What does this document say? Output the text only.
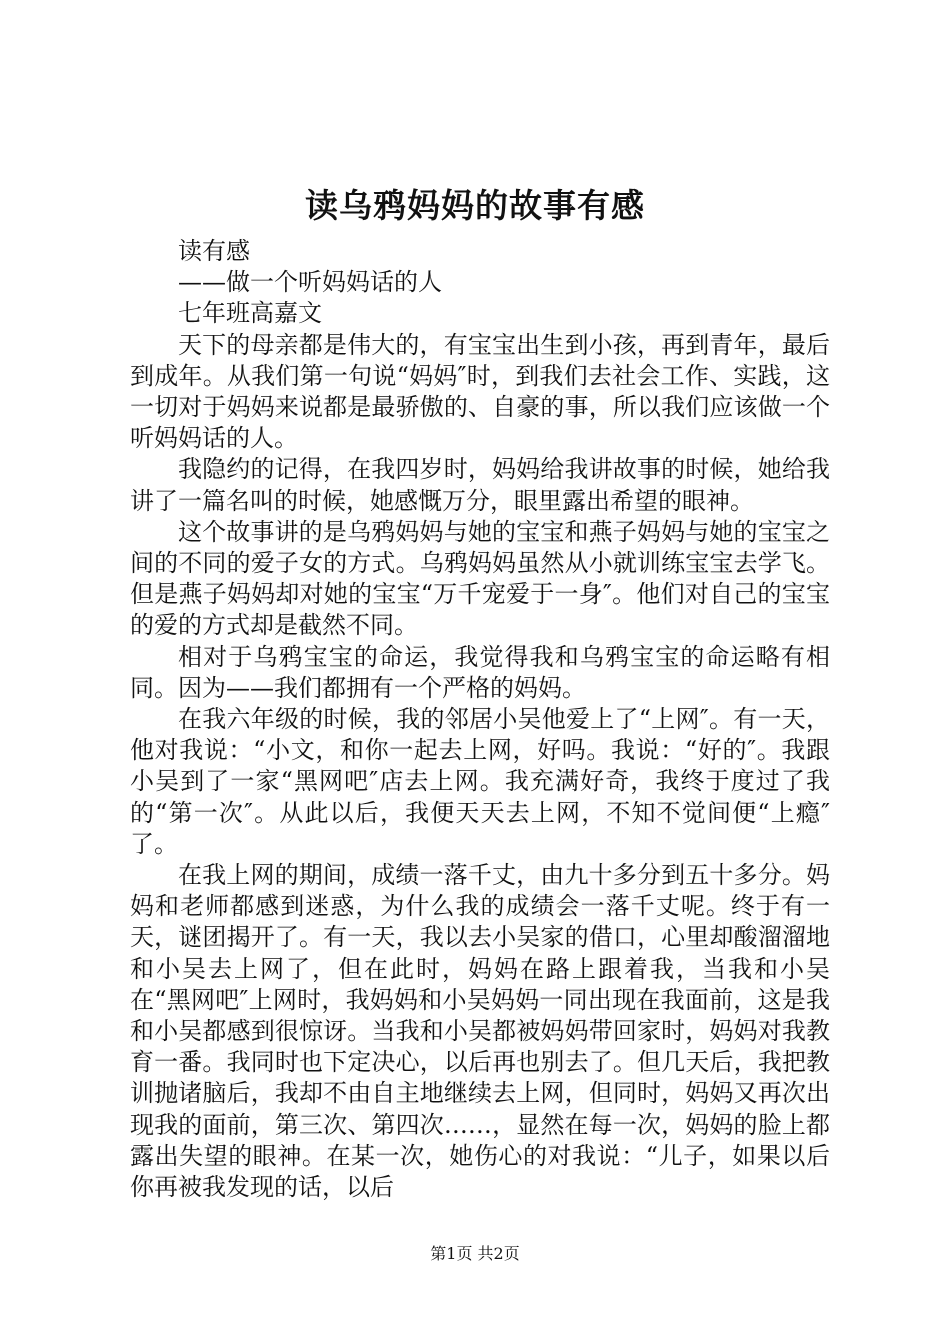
读乌鸦妈妈的故事有感

读有感

——做一个听妈妈话的人

七年班高嘉文

天下的母亲都是伟大的，有宝宝出生到小孩，再到青年，最后到成年。从我们第一句说“妈妈″时，到我们去社会工作、实践，这一切对于妈妈来说都是最骄傲的、自豪的事，所以我们应该做一个听妈妈话的人。

我隐约的记得，在我四岁时，妈妈给我讲故事的时候，她给我讲了一篇名叫的时候，她感慨万分，眼里露出希望的眼神。

这个故事讲的是乌鸦妈妈与她的宝宝和燕子妈妈与她的宝宝之间的不同的爱子女的方式。乌鸦妈妈虽然从小就训练宝宝去学飞。但是燕子妈妈却对她的宝宝“万千宠爱于一身″。他们对自己的宝宝的爱的方式却是截然不同。

相对于乌鸦宝宝的命运，我觉得我和乌鸦宝宝的命运略有相同。因为——我们都拥有一个严格的妈妈。

在我六年级的时候，我的邻居小吴他爱上了“上网″。有一天，他对我说：“小文，和你一起去上网，好吗。我说：“好的″。我跟小吴到了一家“黑网吧″店去上网。我充满好奇，我终于度过了我的“第一次″。从此以后，我便天天去上网，不知不觉间便“上瘾″了。

在我上网的期间，成绩一落千丈，由九十多分到五十多分。妈妈和老师都感到迷惑，为什么我的成绩会一落千丈呢。终于有一天，谜团揭开了。有一天，我以去小吴家的借口，心里却酸溜溜地和小吴去上网了，但在此时，妈妈在路上跟着我，当我和小吴在“黑网吧″上网时，我妈妈和小吴妈妈一同出现在我面前，这是我和小吴都感到很惊讶。当我和小吴都被妈妈带回家时，妈妈对我教育一番。我同时也下定决心，以后再也别去了。但几天后，我把教训抛诸脑后，我却不由自主地继续去上网，但同时，妈妈又再次出现我的面前，第三次、第四次……，显然在每一次，妈妈的脸上都露出失望的眼神。在某一次，她伤心的对我说：“儿子，如果以后你再被我发现的话，以后

第1页 共2页
